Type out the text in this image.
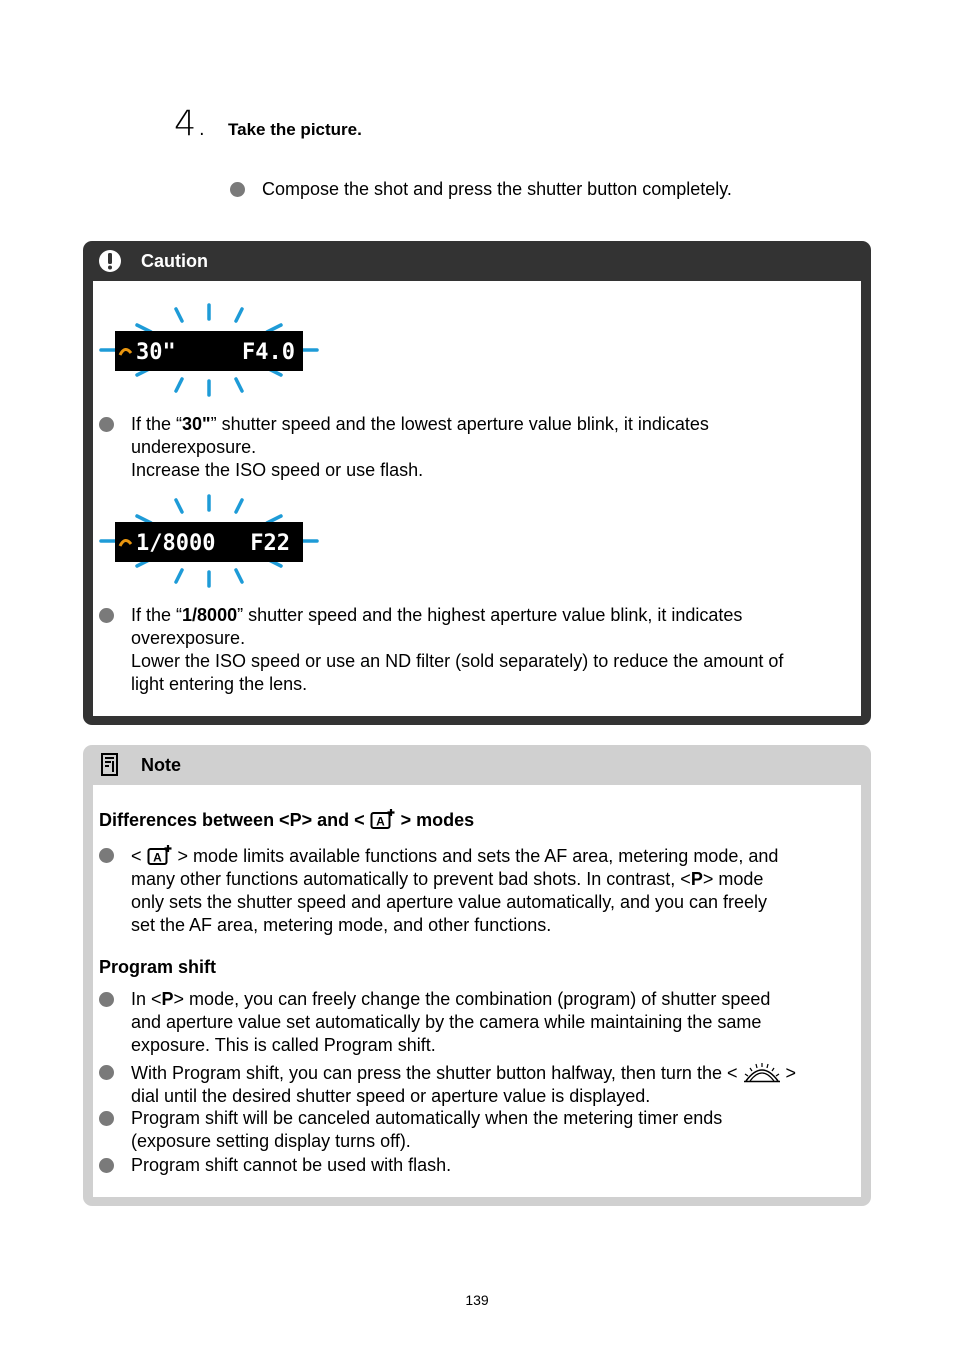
4.	Take the picture.
Compose the shot and press the shutter button completely.
Caution
30"	F4.0
If the “30"” shutter speed and the lowest aperture value blink, it indicates
underexposure.
Increase the ISO speed or use flash.
1/8000 F22
If the “1/8000” shutter speed and the highest aperture value blink, it indicates
overexposure.
Lower the ISO speed or use an ND filter (sold separately) to reduce the amount of
light entering the lens.
Note
Differences between <P> and < A > modes
< A > mode limits available functions and sets the AF area, metering mode, and
many other functions automatically to prevent bad shots. In contrast, <P> mode
only sets the shutter speed and aperture value automatically, and you can freely
set the AF area, metering mode, and other functions.
Program shift
In <P> mode, you can freely change the combination (program) of shutter speed
and aperture value set automatically by the camera while maintaining the same
exposure. This is called Program shift.
With Program shift, you can press the shutter button halfway, then turn the <	>
dial until the desired shutter speed or aperture value is displayed.
Program shift will be canceled automatically when the metering timer ends
(exposure setting display turns off).
Program shift cannot be used with flash.
139
